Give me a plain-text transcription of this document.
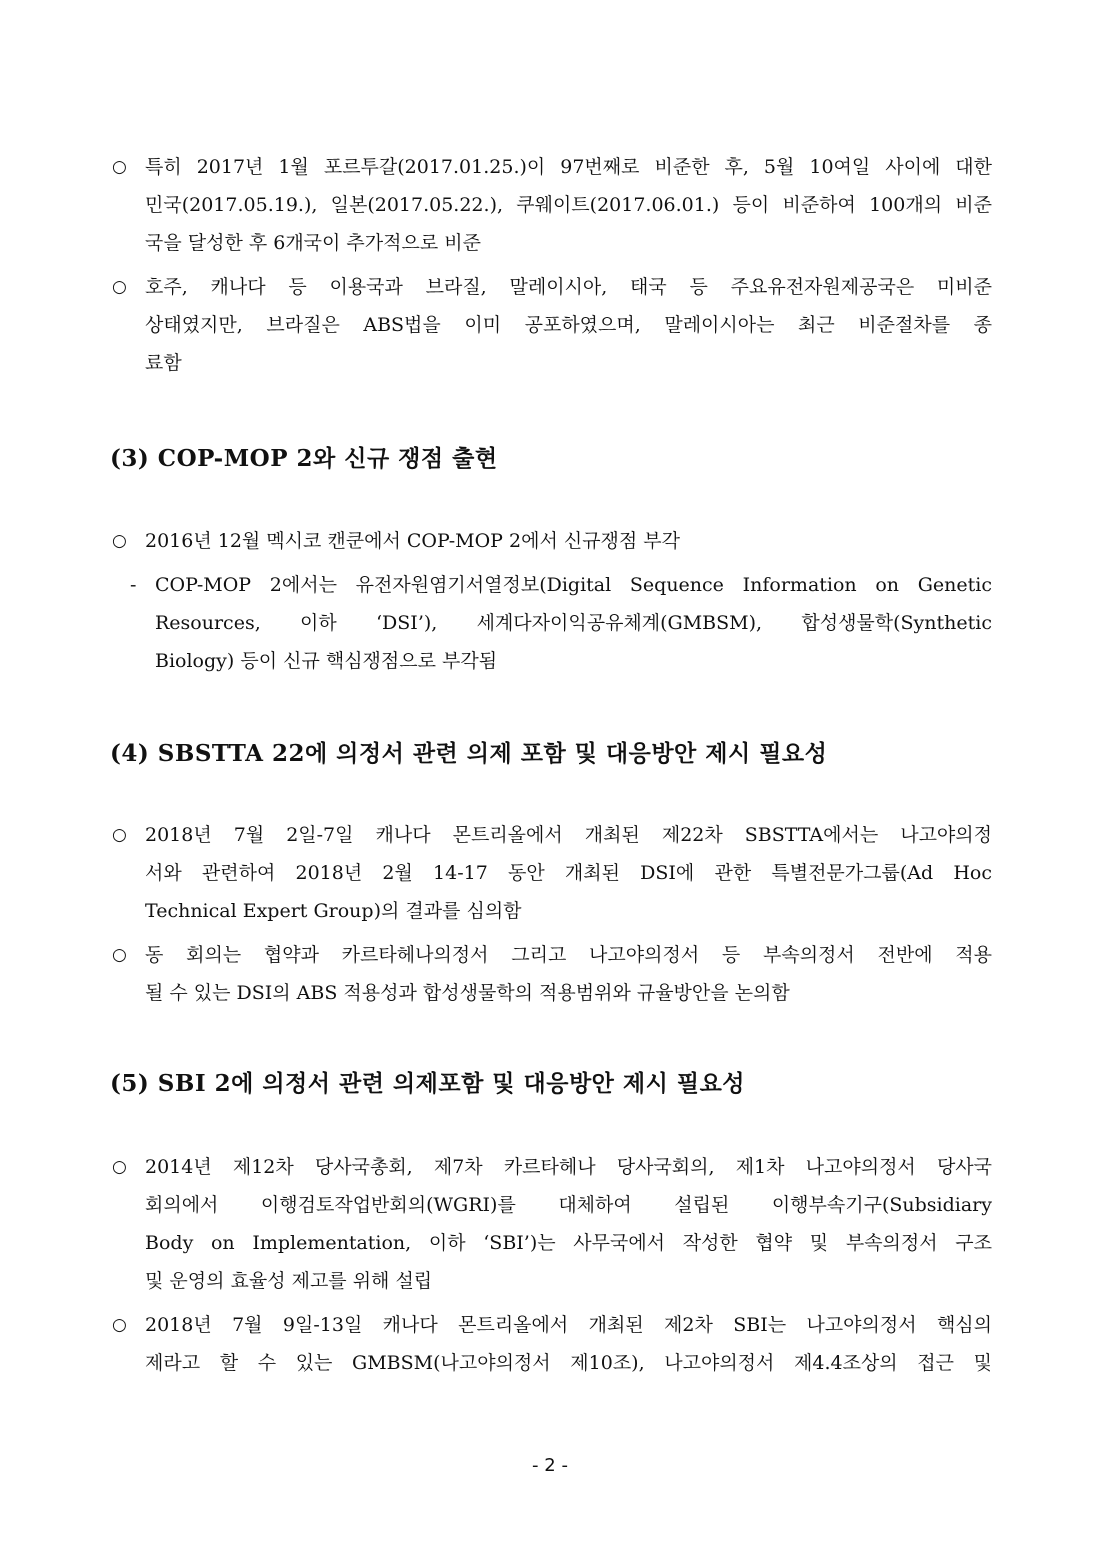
○ 특히 2017년 1월 포르투갈(2017.01.25.)이 97번째로 비준한 후, 5월 10여일 사이에 대한
민국(2017.05.19.), 일본(2017.05.22.), 쿠웨이트(2017.06.01.) 등이 비준하여 100개의 비준
국을 달성한 후 6개국이 추가적으로 비준
○ 호주, 캐나다 등 이용국과 브라질, 말레이시아, 태국 등 주요유전자원제공국은 미비준
상태였지만, 브라질은 ABS법을 이미 공포하였으며, 말레이시아는 최근 비준절차를 종
료함
(3) COP-MOP 2와 신규 쟁점 출현
○ 2016년 12월 멕시코 캔쿤에서 COP-MOP 2에서 신규쟁점 부각
- COP-MOP 2에서는 유전자원염기서열정보(Digital Sequence Information on Genetic
Resources, 이하 ‘DSI’), 세계다자이익공유체계(GMBSM), 합성생물학(Synthetic
Biology) 등이 신규 핵심쟁점으로 부각됨
(4) SBSTTA 22에 의정서 관련 의제 포함 및 대응방안 제시 필요성
○ 2018년 7월 2일-7일 캐나다 몬트리올에서 개최된 제22차 SBSTTA에서는 나고야의정
서와 관련하여 2018년 2월 14-17 동안 개최된 DSI에 관한 특별전문가그룹(Ad Hoc
Technical Expert Group)의 결과를 심의함
○ 동 회의는 협약과 카르타헤나의정서 그리고 나고야의정서 등 부속의정서 전반에 적용
될 수 있는 DSI의 ABS 적용성과 합성생물학의 적용범위와 규율방안을 논의함
(5) SBI 2에 의정서 관련 의제포함 및 대응방안 제시 필요성
○ 2014년 제12차 당사국총회, 제7차 카르타헤나 당사국회의, 제1차 나고야의정서 당사국
회의에서 이행검토작업반회의(WGRI)를 대체하여 설립된 이행부속기구(Subsidiary
Body on Implementation, 이하 ‘SBI’)는 사무국에서 작성한 협약 및 부속의정서 구조
및 운영의 효율성 제고를 위해 설립
○ 2018년 7월 9일-13일 캐나다 몬트리올에서 개최된 제2차 SBI는 나고야의정서 핵심의
제라고 할 수 있는 GMBSM(나고야의정서 제10조), 나고야의정서 제4.4조상의 접근 및
- 2 -
